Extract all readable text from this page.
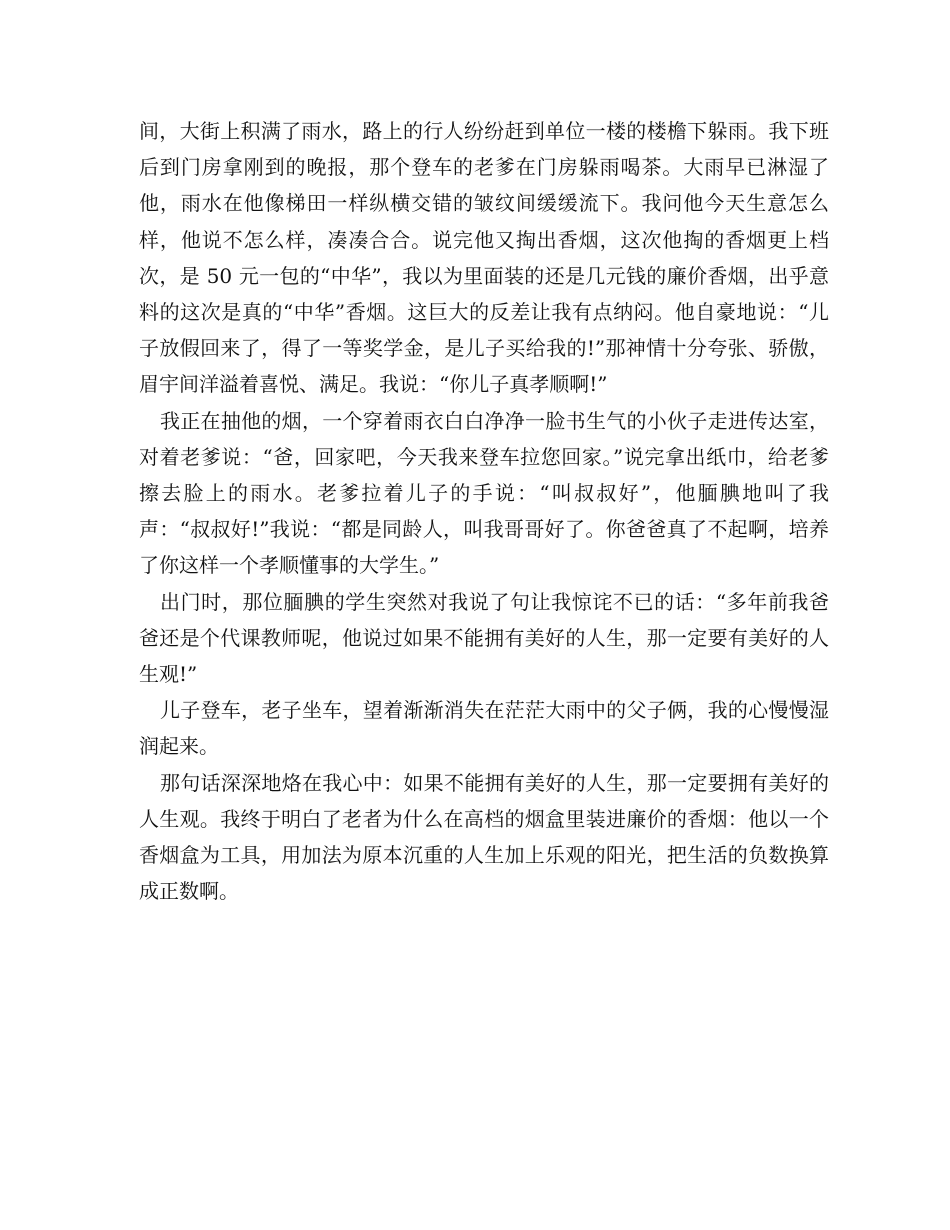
间，大街上积满了雨水，路上的行人纷纷赶到单位一楼的楼檐下躲雨。我下班后到门房拿刚到的晚报，那个登车的老爹在门房躲雨喝茶。大雨早已淋湿了他，雨水在他像梯田一样纵横交错的皱纹间缓缓流下。我问他今天生意怎么样，他说不怎么样，凑凑合合。说完他又掏出香烟，这次他掏的香烟更上档次，是 50 元一包的“中华”，我以为里面装的还是几元钱的廉价香烟，出乎意料的这次是真的“中华”香烟。这巨大的反差让我有点纳闷。他自豪地说：“儿子放假回来了，得了一等奖学金，是儿子买给我的!”那神情十分夸张、骄傲，眉宇间洋溢着喜悦、满足。我说：“你儿子真孝顺啊!”

我正在抽他的烟，一个穿着雨衣白白净净一脸书生气的小伙子走进传达室，对着老爹说：“爸，回家吧，今天我来登车拉您回家。”说完拿出纸巾，给老爹擦去脸上的雨水。老爹拉着儿子的手说：“叫叔叔好”，他腼腆地叫了我声：“叔叔好!”我说：“都是同龄人，叫我哥哥好了。你爸爸真了不起啊，培养了你这样一个孝顺懂事的大学生。”

出门时，那位腼腆的学生突然对我说了句让我惊诧不已的话：“多年前我爸爸还是个代课教师呢，他说过如果不能拥有美好的人生，那一定要有美好的人生观!”

儿子登车，老子坐车，望着渐渐消失在茫茫大雨中的父子俩，我的心慢慢湿润起来。

那句话深深地烙在我心中：如果不能拥有美好的人生，那一定要拥有美好的人生观。我终于明白了老者为什么在高档的烟盒里装进廉价的香烟：他以一个香烟盒为工具，用加法为原本沉重的人生加上乐观的阳光，把生活的负数换算成正数啊。
